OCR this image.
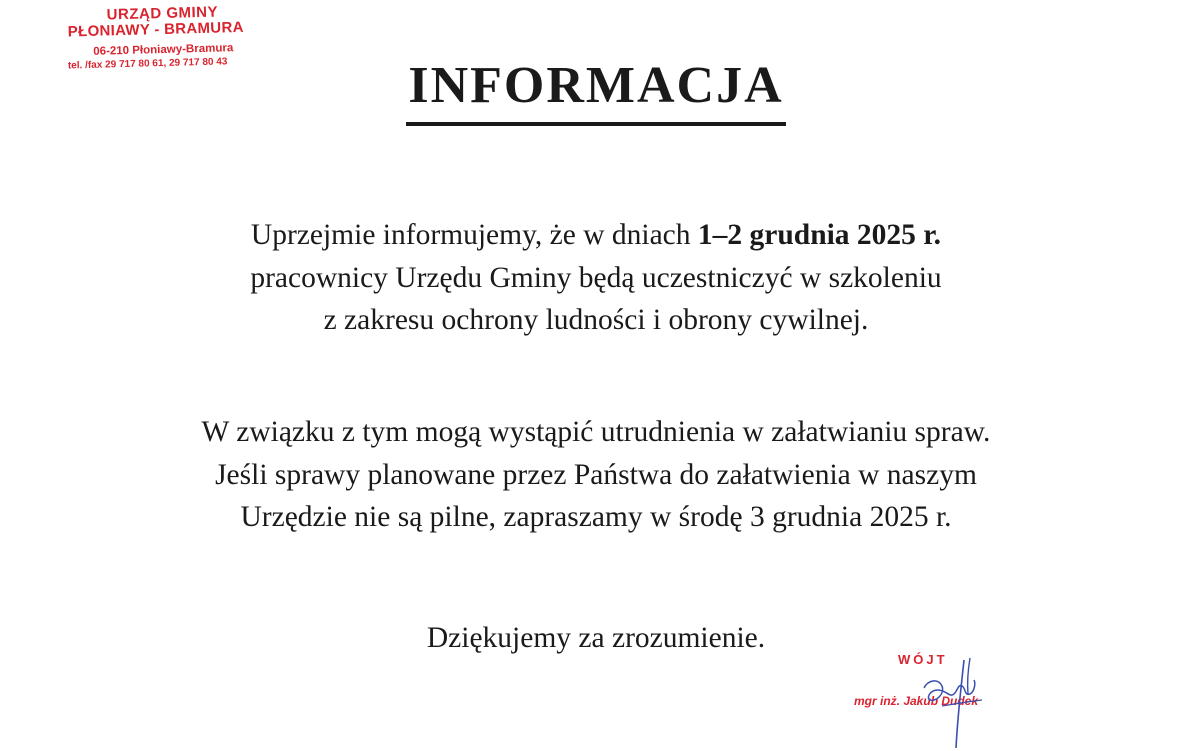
URZĄD GMINY
PŁONIAWY - BRAMURA
06-210 Płoniawy-Bramura
tel. /fax 29 717 80 61, 29 717 80 43	INFORMACJA

Uprzejmie informujemy, że w dniach 1–2 grudnia 2025 r.

pracownicy Urzędu Gminy będą uczestniczyć w szkoleniu

z zakresu ochrony ludności i obrony cywilnej.

W związku z tym mogą wystąpić utrudnienia w załatwianiu spraw.

Jeśli sprawy planowane przez Państwa do załatwienia w naszym

Urzędzie nie są pilne, zapraszamy w środę 3 grudnia 2025 r.

Dziękujemy za zrozumienie.

WÓJT
mgr inż. Jakub Dudek
